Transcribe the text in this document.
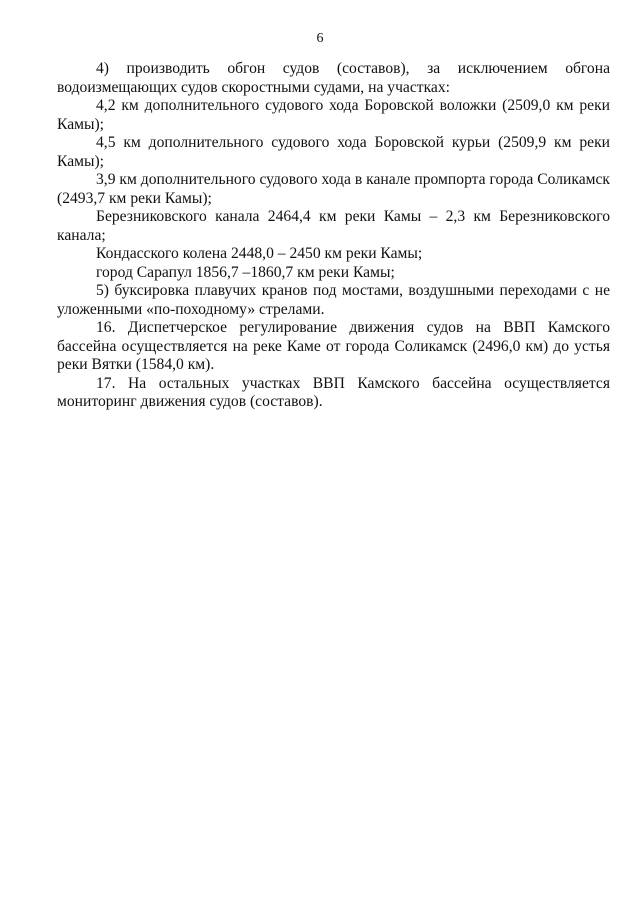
6

4) производить обгон судов (составов), за исключением обгона водоизмещающих судов скоростными судами, на участках:

4,2 км дополнительного судового хода Боровской воложки (2509,0 км реки Камы);

4,5 км дополнительного судового хода Боровской курьи (2509,9 км реки Камы);

3,9 км дополнительного судового хода в канале промпорта города Соликамск (2493,7 км реки Камы);

Березниковского канала 2464,4 км реки Камы – 2,3 км Березниковского канала;

Кондасского колена 2448,0 – 2450 км реки Камы;

город Сарапул 1856,7 –1860,7 км реки Камы;

5) буксировка плавучих кранов под мостами, воздушными переходами с не уложенными «по-походному» стрелами.

16. Диспетчерское регулирование движения судов на ВВП Камского бассейна осуществляется на реке Каме от города Соликамск (2496,0 км) до устья реки Вятки (1584,0 км).

17. На остальных участках ВВП Камского бассейна осуществляется мониторинг движения судов (составов).
